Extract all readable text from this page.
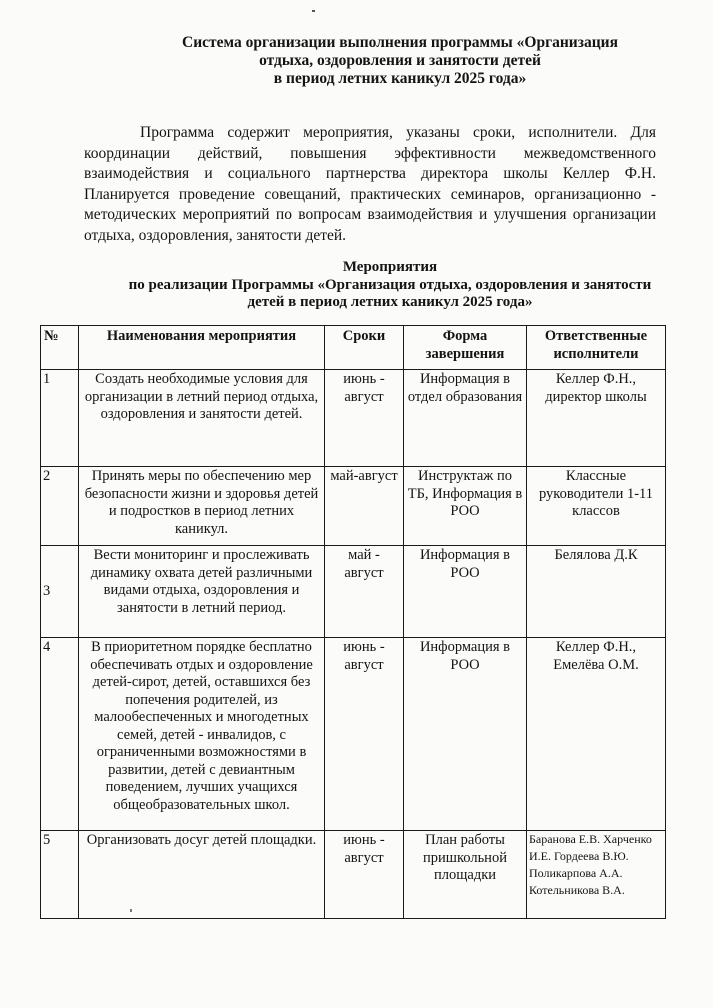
Система организации выполнения программы «Организация
отдыха, оздоровления и занятости детей
в период летних каникул 2025 года»
Программа содержит мероприятия, указаны сроки, исполнители. Для координации действий, повышения эффективности межведомственного взаимодействия и социального партнерства директора школы Келлер Ф.Н. Планируется проведение совещаний, практических семинаров, организационно - методических мероприятий по вопросам взаимодействия и улучшения организации отдыха, оздоровления, занятости детей.
Мероприятия
по реализации Программы «Организация отдыха, оздоровления и занятости
детей в период летних каникул 2025 года»
№	Наименования мероприятия	Сроки	Форма завершения	Ответственные исполнители
1	Создать необходимые условия для организации в летний период отдыха, оздоровления и занятости детей.	июнь - август	Информация в отдел образования	Келлер Ф.Н., директор школы
2	Принять меры по обеспечению мер безопасности жизни и здоровья детей и подростков в период летних каникул.	май-август	Инструктаж по ТБ, Информация в РОО	Классные руководители 1-11 классов
3	Вести мониторинг и прослеживать динамику охвата детей различными видами отдыха, оздоровления и занятости в летний период.	май - август	Информация в РОО	Белялова Д.К
4	В приоритетном порядке бесплатно обеспечивать отдых и оздоровление детей-сирот, детей, оставшихся без попечения родителей, из малообеспеченных и многодетных семей, детей - инвалидов, с ограниченными возможностями в развитии, детей с девиантным поведением, лучших учащихся общеобразовательных школ.	июнь - август	Информация в РОО	Келлер Ф.Н., Емелёва О.М.
5	Организовать досуг детей площадки.	июнь - август	План работы пришкольной площадки	Баранова Е.В. Харченко И.Е. Гордеева В.Ю. Поликарпова А.А. Котельникова В.А.
